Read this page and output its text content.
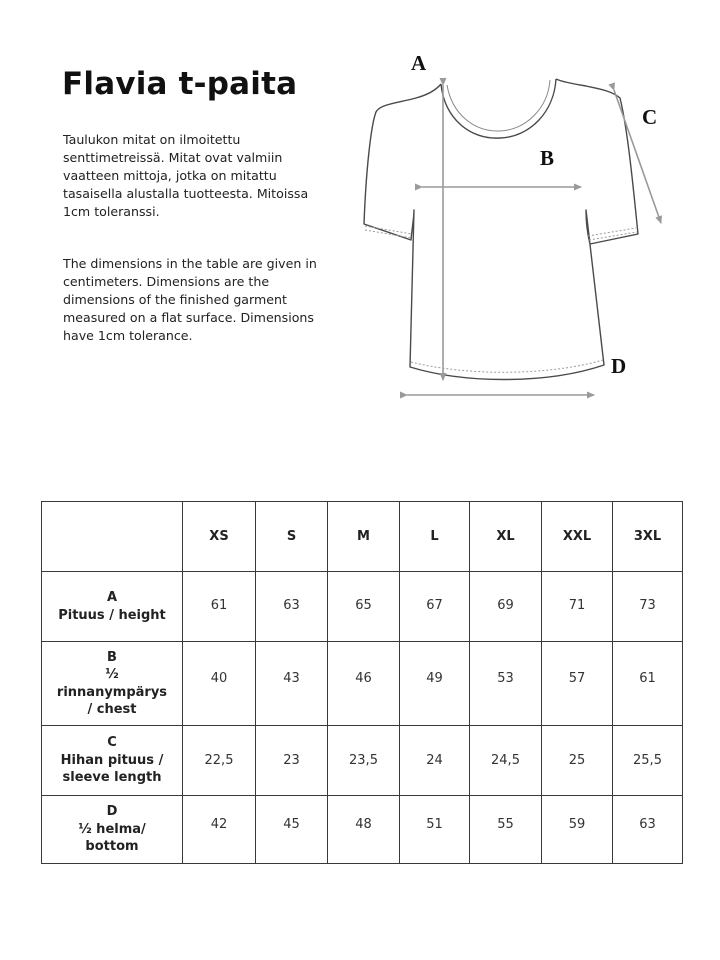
Flavia t-paita

Taulukon mitat on ilmoitettu senttimetreissä. Mitat ovat valmiin vaatteen mittoja, jotka on mitattu tasaisella alustalla tuotteesta. Mitoissa 1cm toleranssi.

The dimensions in the table are given in centimeters. Dimensions are the dimensions of the finished garment measured on a flat surface. Dimensions have 1cm tolerance.

A
B
C
D
	XS	S	M	L	XL	XXL	3XL

A
Pituus / height	61	63	65	67	69	71	73

B
½
rinnanympärys
/ chest	40	43	46	49	53	57	61

C
Hihan pituus /
sleeve length	22,5	23	23,5	24	24,5	25	25,5

D
½ helma/
bottom	42	45	48	51	55	59	63
